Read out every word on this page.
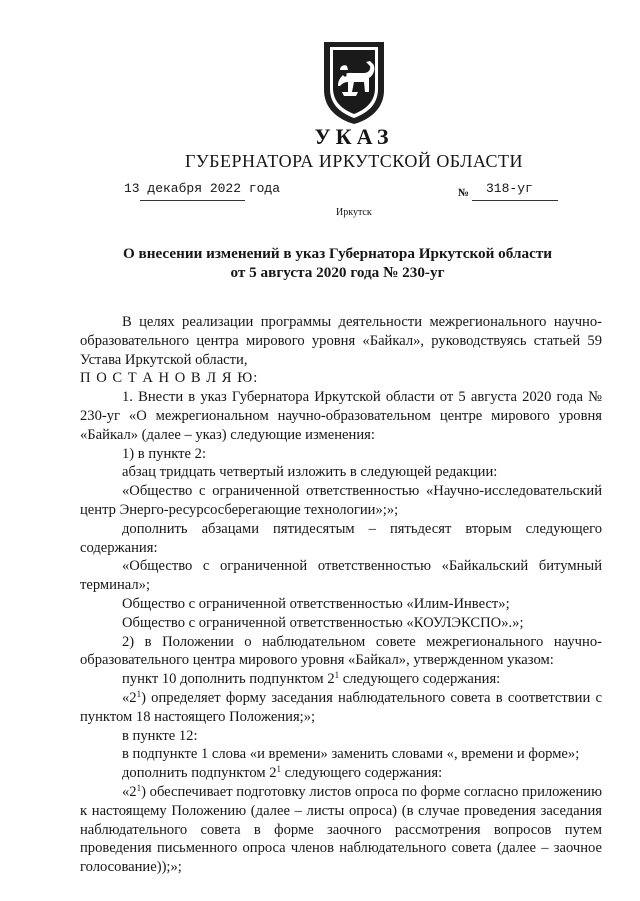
УКАЗ
ГУБЕРНАТОРА ИРКУТСКОЙ ОБЛАСТИ
13 декабря 2022 года	№ 318-уг
Иркутск
О внесении изменений в указ Губернатора Иркутской области
от 5 августа 2020 года № 230-уг

В целях реализации программы деятельности межрегионального научно-образовательного центра мирового уровня «Байкал», руководствуясь статьей 59 Устава Иркутской области,

П О С Т А Н О В Л Я Ю:

1. Внести в указ Губернатора Иркутской области от 5 августа 2020 года № 230-уг «О межрегиональном научно-образовательном центре мирового уровня «Байкал» (далее – указ) следующие изменения:

1) в пункте 2:

абзац тридцать четвертый изложить в следующей редакции:

«Общество с ограниченной ответственностью «Научно-исследовательский центр Энерго-ресурсосберегающие технологии»;»;

дополнить абзацами пятидесятым – пятьдесят вторым следующего содержания:

«Общество с ограниченной ответственностью «Байкальский битумный терминал»;

Общество с ограниченной ответственностью «Илим-Инвест»;

Общество с ограниченной ответственностью «КОУЛЭКСПО».»;

2) в Положении о наблюдательном совете межрегионального научно-образовательного центра мирового уровня «Байкал», утвержденном указом:

пункт 10 дополнить подпунктом $2^1$ следующего содержания:

«$2^1$) определяет форму заседания наблюдательного совета в соответствии с пунктом 18 настоящего Положения;»;

в пункте 12:

в подпункте 1 слова «и времени» заменить словами «, времени и форме»;

дополнить подпунктом $2^1$ следующего содержания:

«$2^1$) обеспечивает подготовку листов опроса по форме согласно приложению к настоящему Положению (далее – листы опроса) (в случае проведения заседания наблюдательного совета в форме заочного рассмотрения вопросов путем проведения письменного опроса членов наблюдательного совета (далее – заочное голосование));»;
